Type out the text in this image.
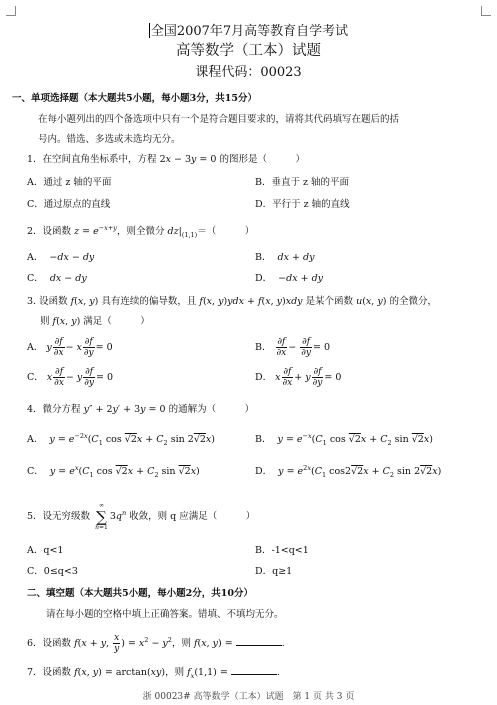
全国2007年7月高等教育自学考试
高等数学（工本）试题
课程代码：00023
一、单项选择题（本大题共5小题，每小题3分，共15分）
在每小题列出的四个备选项中只有一个是符合题目要求的，请将其代码填写在题后的括
号内。错选、多选或未选均无分。
1．在空间直角坐标系中，方程 2x − 3y = 0 的图形是（　　　）
A．通过 z 轴的平面	B．垂直于 z 轴的平面
C．通过原点的直线	D．平行于 z 轴的直线
2．设函数 $z = e^{-x+y}$，则全微分 $dz|_{(1,1)}=$（　　　）
A．  −dx − dy	B． dx + dy
C． dx − dy	D．  −dx + dy
3. 设函数 f(x, y) 具有连续的偏导数，且 f(x, y)ydx + f(x, y)xdy 是某个函数 u(x, y) 的全微分，
则 f(x, y) 满足（　　　）
A． y $\frac{\partial f}{\partial x} - x \frac{\partial f}{\partial y} = 0$	B． $\frac{\partial f}{\partial x} - \frac{\partial f}{\partial y} = 0$
C． x $\frac{\partial f}{\partial x} - y \frac{\partial f}{\partial y} = 0$	D． x $\frac{\partial f}{\partial x} + y \frac{\partial f}{\partial y} = 0$
4．微分方程 y″ + 2y′ + 3y = 0 的通解为（　　　）
A． $y = e^{-2x}(C_1$ $\cos √2x + C_2$ sin 2√2x)	B． $y = e^{-x}(C_1$ $\cos √2x + C_2$ sin √2x)
C． $y = e^x(C_1$ $\cos √2x + C_2$ sin √2x)	D． $y = e^{2x}(C_1$ $\cos 2√2x + C_2$ sin 2√2x)
5．设无穷级数
∞
∑
n=1
$3q^n$ 收敛，则 q 应满足（　　　）
A．q<1	B．-1<q<1
C．0≤q<3	D．q≥1
二、填空题（本大题共5小题，每小题2分，共10分）
请在每小题的空格中填上正确答案。错填、不填均无分。
6．设函数 f(x + y, $\frac{x}{y}$ ) = $x^2 - y^2$，则 f(x, y) =	.
7．设函数 f(x, y) = arctan(xy)，则 $f_x(1,1)$ =	.
浙 00023# 高等数学（工本）试题　第 1 页 共 3 页
